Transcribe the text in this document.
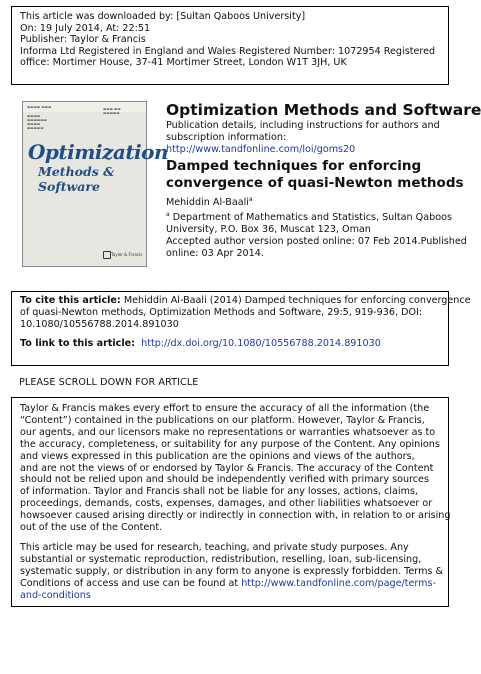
This article was downloaded by: [Sultan Qaboos University]
On: 19 July 2014, At: 22:51
Publisher: Taylor & Francis
Informa Ltd Registered in England and Wales Registered Number: 1072954 Registered
office: Mortimer House, 37-41 Mortimer Street, London W1T 3JH, UK
▬▬▬▬ ▬▬▬	▬▬▬ ▬▬
▬▬▬▬▬
▬▬▬▬
▬▬▬▬▬▬
▬▬▬▬
▬▬▬▬▬
Optimization
Methods & Software
Taylor & Francis
Optimization Methods and Software
Publication details, including instructions for authors and
subscription information:
http://www.tandfonline.com/loi/goms20
Damped techniques for enforcing
convergence of quasi-Newton methods
Mehiddin Al-Baali$^a$
$^a$ Department of Mathematics and Statistics, Sultan Qaboos
University, P.O. Box 36, Muscat 123, Oman
Accepted author version posted online: 07 Feb 2014.Published
online: 03 Apr 2014.
To cite this article: Mehiddin Al-Baali (2014) Damped techniques for enforcing convergence
of quasi-Newton methods, Optimization Methods and Software, 29:5, 919-936, DOI:
10.1080/10556788.2014.891030
To link to this article: http://dx.doi.org/10.1080/10556788.2014.891030
PLEASE SCROLL DOWN FOR ARTICLE
Taylor & Francis makes every effort to ensure the accuracy of all the information (the
“Content”) contained in the publications on our platform. However, Taylor & Francis,
our agents, and our licensors make no representations or warranties whatsoever as to
the accuracy, completeness, or suitability for any purpose of the Content. Any opinions
and views expressed in this publication are the opinions and views of the authors,
and are not the views of or endorsed by Taylor & Francis. The accuracy of the Content
should not be relied upon and should be independently verified with primary sources
of information. Taylor and Francis shall not be liable for any losses, actions, claims,
proceedings, demands, costs, expenses, damages, and other liabilities whatsoever or
howsoever caused arising directly or indirectly in connection with, in relation to or arising
out of the use of the Content.
This article may be used for research, teaching, and private study purposes. Any
substantial or systematic reproduction, redistribution, reselling, loan, sub-licensing,
systematic supply, or distribution in any form to anyone is expressly forbidden. Terms &
Conditions of access and use can be found at http://www.tandfonline.com/page/terms-
and-conditions
